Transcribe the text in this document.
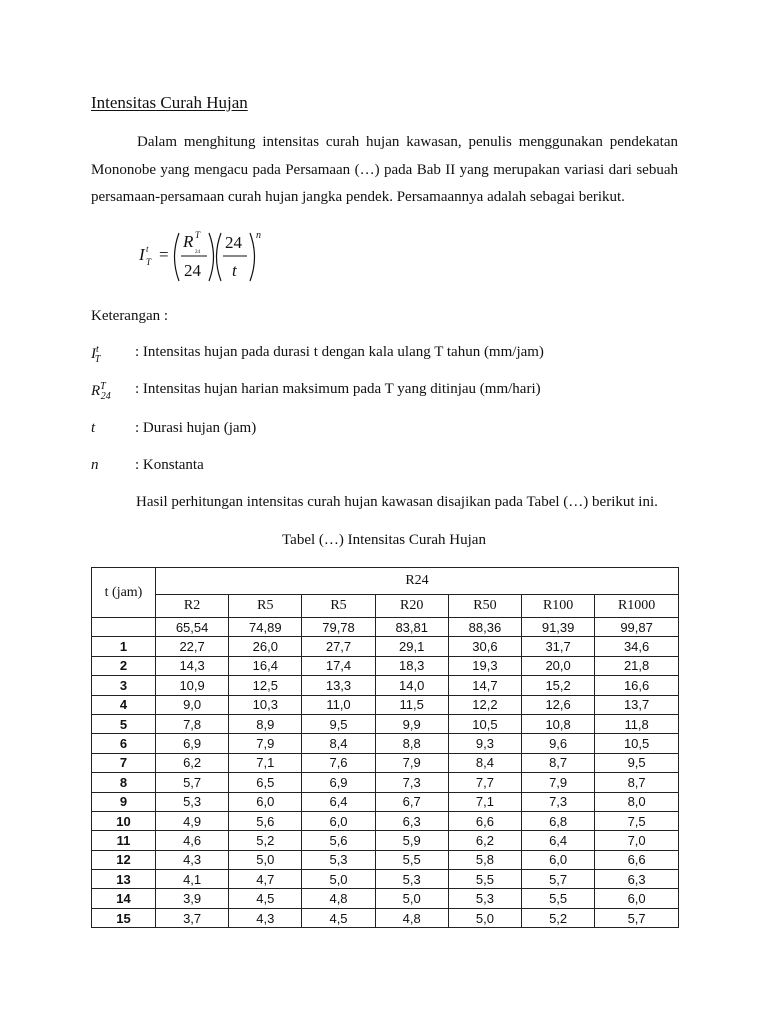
Intensitas Curah Hujan
Dalam menghitung intensitas curah hujan kawasan, penulis menggunakan pendekatan Mononobe yang mengacu pada Persamaan (…) pada Bab II yang merupakan variasi dari sebuah persamaan-persamaan curah hujan jangka pendek. Persamaannya adalah sebagai berikut.
I t
T =
R T
24
24
24
t
n
Keterangan :
$I^t_T$	: Intensitas hujan pada durasi t dengan kala ulang T tahun (mm/jam)
$R^T_{24}$	: Intensitas hujan harian maksimum pada T yang ditinjau (mm/hari)
t	: Durasi hujan (jam)
n	: Konstanta
Hasil perhitungan intensitas curah hujan kawasan disajikan pada Tabel (…) berikut ini.
Tabel (…) Intensitas Curah Hujan
t (jam)	R24						
	R2	R5	R5	R20	R50	R100	R1000
	65,54	74,89	79,78	83,81	88,36	91,39	99,87
1	22,7	26,0	27,7	29,1	30,6	31,7	34,6
2	14,3	16,4	17,4	18,3	19,3	20,0	21,8
3	10,9	12,5	13,3	14,0	14,7	15,2	16,6
4	9,0	10,3	11,0	11,5	12,2	12,6	13,7
5	7,8	8,9	9,5	9,9	10,5	10,8	11,8
6	6,9	7,9	8,4	8,8	9,3	9,6	10,5
7	6,2	7,1	7,6	7,9	8,4	8,7	9,5
8	5,7	6,5	6,9	7,3	7,7	7,9	8,7
9	5,3	6,0	6,4	6,7	7,1	7,3	8,0
10	4,9	5,6	6,0	6,3	6,6	6,8	7,5
11	4,6	5,2	5,6	5,9	6,2	6,4	7,0
12	4,3	5,0	5,3	5,5	5,8	6,0	6,6
13	4,1	4,7	5,0	5,3	5,5	5,7	6,3
14	3,9	4,5	4,8	5,0	5,3	5,5	6,0
15	3,7	4,3	4,5	4,8	5,0	5,2	5,7
